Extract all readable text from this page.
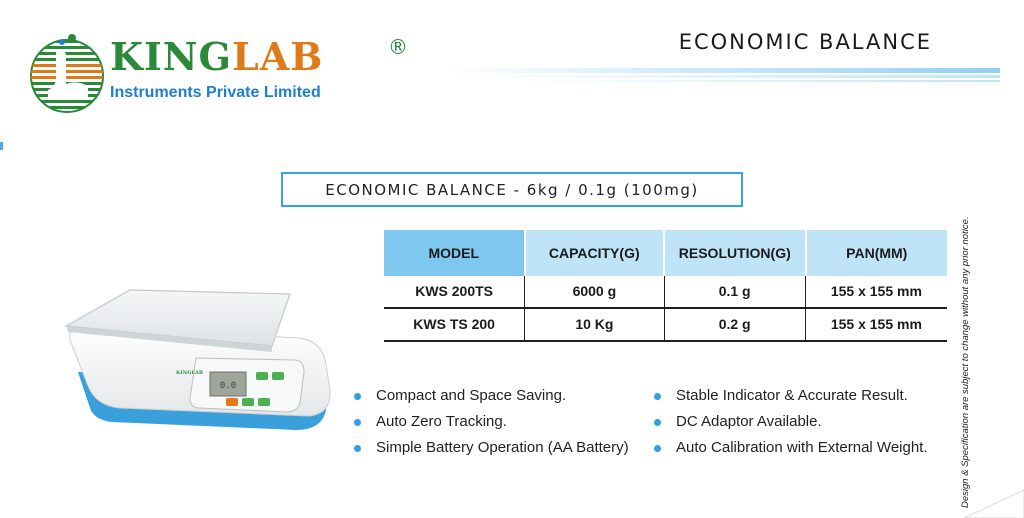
KINGLAB	®
Instruments Private Limited
ECONOMIC BALANCE
ECONOMIC BALANCE - 6kg / 0.1g (100mg)
MODEL	CAPACITY (G)	RESOLUTION (G)	PAN (MM)
KWS 200TS	6000 g	0.1 g	155 x 155 mm
KWS TS 200	10 Kg	0.2 g	155 x 155 mm
0.0
KINGLAB
Compact and Space Saving.
Auto Zero Tracking.
Simple Battery Operation (AA Battery)
Stable Indicator & Accurate Result.
DC Adaptor Available.
Auto Calibration with External Weight.	Design & Specification are subject to change without any prior notice.
